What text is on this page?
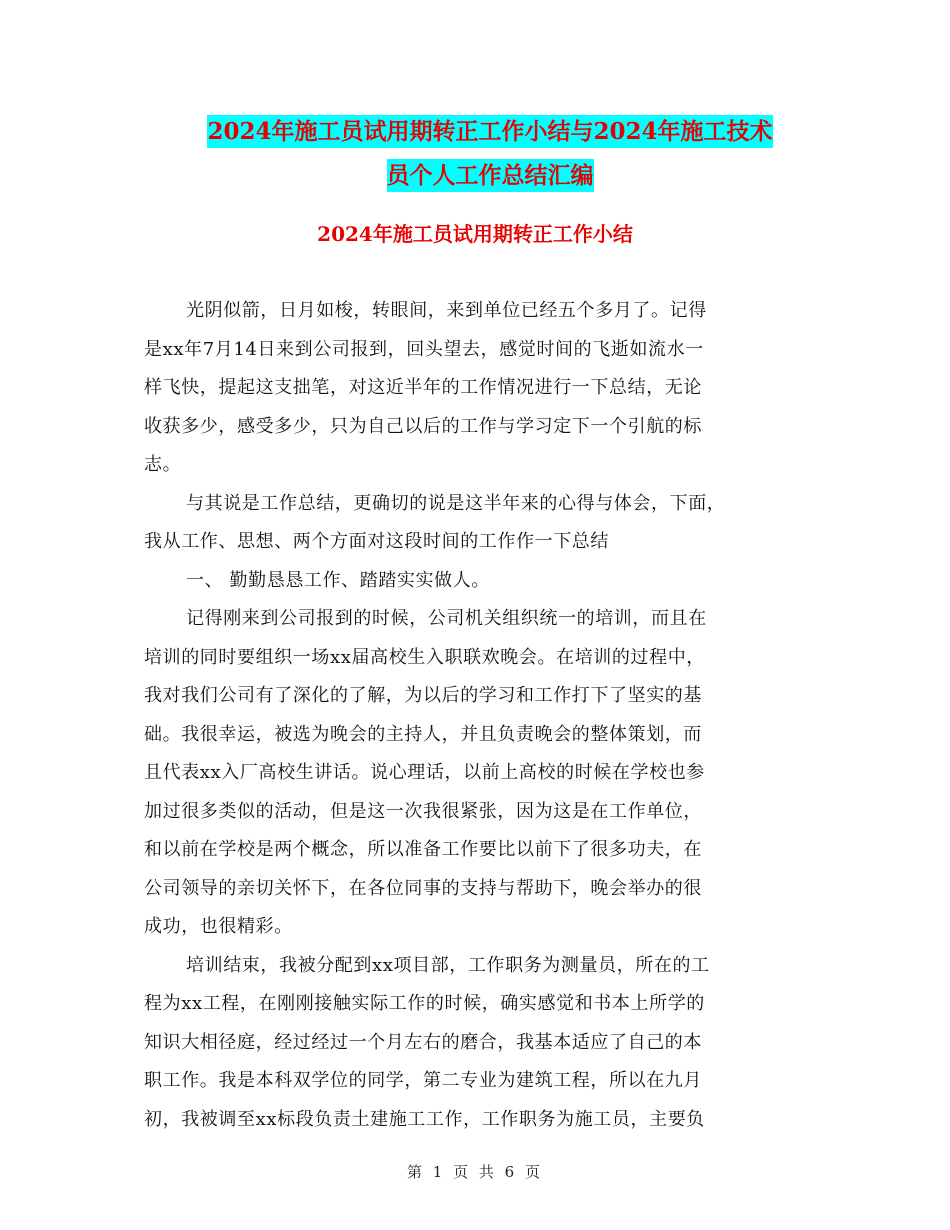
2024年施工员试用期转正工作小结与2024年施工技术
员个人工作总结汇编
2024年施工员试用期转正工作小结
光阴似箭，日月如梭，转眼间，来到单位已经五个多月了。记得
是xx年7月14日来到公司报到，回头望去，感觉时间的飞逝如流水一
样飞快，提起这支拙笔，对这近半年的工作情况进行一下总结，无论
收获多少，感受多少，只为自己以后的工作与学习定下一个引航的标
志。
与其说是工作总结，更确切的说是这半年来的心得与体会，下面，
我从工作、思想、两个方面对这段时间的工作作一下总结
一、 勤勤恳恳工作、踏踏实实做人。
记得刚来到公司报到的时候，公司机关组织统一的培训，而且在
培训的同时要组织一场xx届高校生入职联欢晚会。在培训的过程中，
我对我们公司有了深化的了解，为以后的学习和工作打下了坚实的基
础。我很幸运，被选为晚会的主持人，并且负责晚会的整体策划，而
且代表xx入厂高校生讲话。说心理话，以前上高校的时候在学校也参
加过很多类似的活动，但是这一次我很紧张，因为这是在工作单位，
和以前在学校是两个概念，所以准备工作要比以前下了很多功夫，在
公司领导的亲切关怀下，在各位同事的支持与帮助下，晚会举办的很
成功，也很精彩。
培训结束，我被分配到xx项目部，工作职务为测量员，所在的工
程为xx工程，在刚刚接触实际工作的时候，确实感觉和书本上所学的
知识大相径庭，经过经过一个月左右的磨合，我基本适应了自己的本
职工作。我是本科双学位的同学，第二专业为建筑工程，所以在九月
初，我被调至xx标段负责土建施工工作，工作职务为施工员，主要负
第 1 页 共 6 页
